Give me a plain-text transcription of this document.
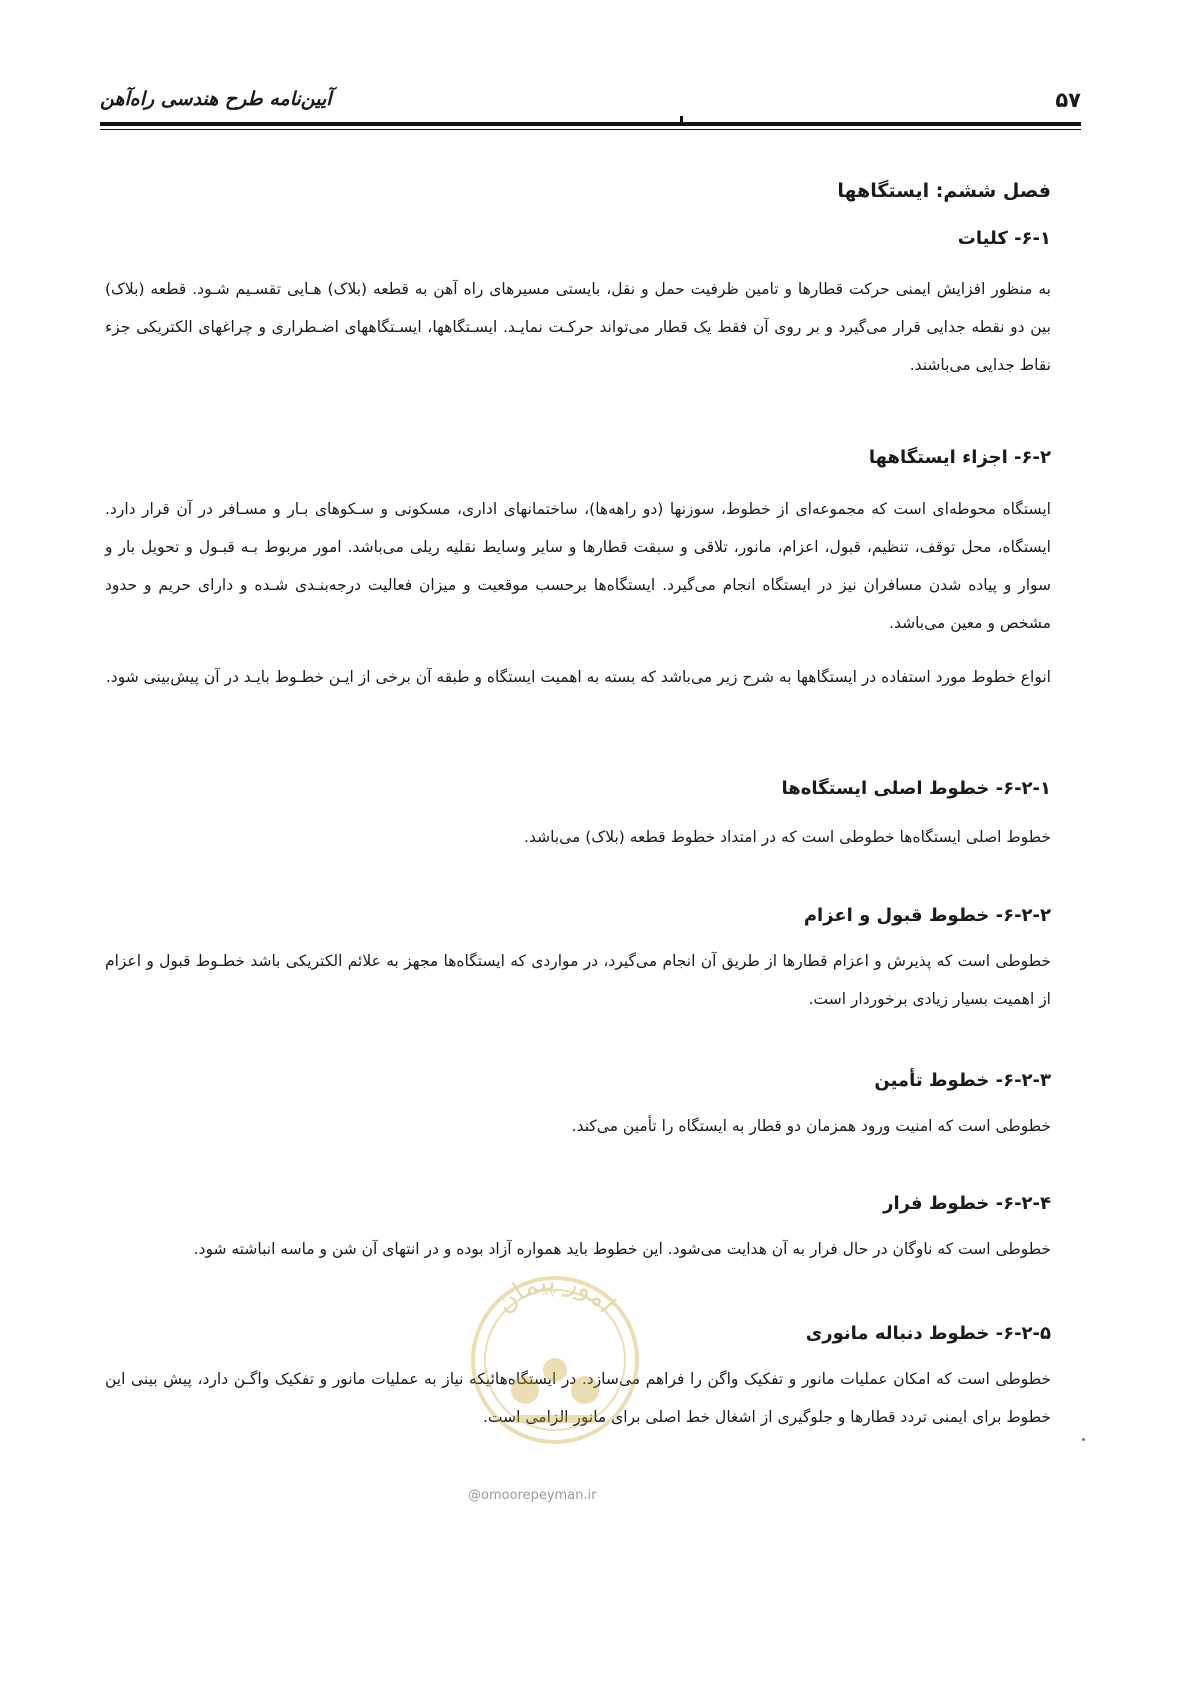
آیین‌نامه طرح هندسی راه‌آهن	۵۷
فصل ششم: ایستگاهها
۶-۱- کلیات
به منظور افزایش ایمنی حرکت قطارها و تامین ظرفیت حمل و نقل، بایستی مسیرهای راه آهن به قطعه (بلاک) هـایی تقسـیم شـود. قطعه (بلاک) بین دو نقطه جدایی قرار می‌گیرد و بر روی آن فقط یک قطار می‌تواند حرکـت نمایـد. ایسـتگاهها، ایسـتگاههای اضـطراری و چراغهای الکتریکی جزء نقاط جدایی می‌باشند.
۶-۲- اجزاء ایستگاهها
ایستگاه محوطه‌ای است که مجموعه‌ای از خطوط، سوزنها (دو راهه‌ها)، ساختمانهای اداری، مسکونی و سـکوهای بـار و مسـافر در آن قرار دارد. ایستگاه، محل توقف، تنظیم، قبول، اعزام، مانور، تلاقی و سبقت قطارها و سایر وسایط نقلیه ریلی می‌باشد. امور مربوط بـه قبـول و تحویل بار و سوار و پیاده شدن مسافران نیز در ایستگاه انجام می‌گیرد. ایستگاه‌ها برحسب موقعیت و میزان فعالیت درجه‌بنـدی شـده و دارای حریم و حدود مشخص و معین می‌باشد.
انواع خطوط مورد استفاده در ایستگاهها به شرح زیر می‌باشد که بسته به اهمیت ایستگاه و طبقه آن برخی از ایـن خطـوط بایـد در آن پیش‌بینی شود.
۶-۲-۱- خطوط اصلی ایستگاه‌ها
خطوط اصلی ایستگاه‌ها خطوطی است که در امتداد خطوط قطعه (بلاک) می‌باشد.
۶-۲-۲- خطوط قبول و اعزام
خطوطی است که پذیرش و اعزام قطارها از طریق آن انجام می‌گیرد، در مواردی که ایستگاه‌ها مجهز به علائم الکتریکی باشد خطـوط قبول و اعزام از اهمیت بسیار زیادی برخوردار است.
۶-۲-۳- خطوط تأمین
خطوطی است که امنیت ورود همزمان دو قطار به ایستگاه را تأمین می‌کند.
۶-۲-۴- خطوط فرار
خطوطی است که ناوگان در حال فرار به آن هدایت می‌شود. این خطوط باید همواره آزاد بوده و در انتهای آن شن و ماسه انباشته شود.
۶-۲-۵- خطوط دنباله مانوری
خطوطی است که امکان عملیات مانور و تفکیک واگن را فراهم می‌سازد. در ایستگاه‌هائیکه نیاز به عملیات مانور و تفکیک واگـن دارد، پیش بینی این خطوط برای ایمنی تردد قطارها و جلوگیری از اشغال خط اصلی برای مانور الزامی است.
امور پیمان
@omoorepeyman.ir
